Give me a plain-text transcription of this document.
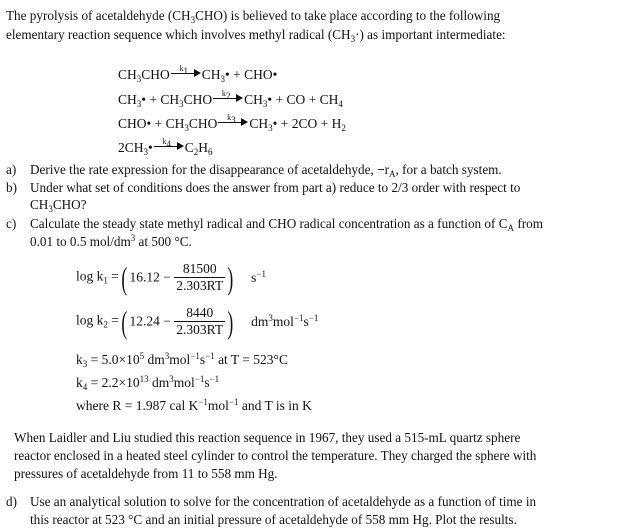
The pyrolysis of acetaldehyde $(CH_3CHO)$ is believed to take place according to the following
elementary reaction sequence which involves methyl radical $(CH_3\cdot)$ as important intermediate:
$CH_3CHO$	$k_1$	$CH_3•$ + CHO•
$CH_3• + CH_3CHO$	$k_2$	$CH_3•$ + CO + $CH_4$
CHO• + $CH_3CHO$	$k_3$	$CH_3• + 2CO + H_2$
$2CH_3•$	$k_4$	$C_2H_6$
a) Derive the rate expression for the disappearance of acetaldehyde, $-r_A$, for a batch system.
b) Under what set of conditions does the answer from part a) reduce to 2/3 order with respect to
$CH_3CHO$?
c) Calculate the steady state methyl radical and CHO radical concentration as a function of $C_A$ from
0.01 to 0.5 mol/$dm^3$ at 500 °C.
$\log k_1$ =( $16.12 - \frac{81500}{2.303RT}$ ) $s^{-1}$
$\log k_2$ =( $12.24 - \frac{8440}{2.303RT}$ ) $dm^3mol^{-1}s^{-1}$
$k_3 = 5.0\times 10^5$ $dm^3mol^{-1}s^{-1}$ at T = 523°C
$k_4 = 2.2\times 10^{13}$ $dm^3mol^{-1}s^{-1}$
where R = 1.987 cal $K^{-1}mol^{-1}$ and T is in K
When Laidler and Liu studied this reaction sequence in 1967, they used a 515-mL quartz sphere
reactor enclosed in a heated steel cylinder to control the temperature. They charged the sphere with
pressures of acetaldehyde from 11 to 558 mm Hg.
d) Use an analytical solution to solve for the concentration of acetaldehyde as a function of time in
this reactor at 523 °C and an initial pressure of acetaldehyde of 558 mm Hg. Plot the results.
